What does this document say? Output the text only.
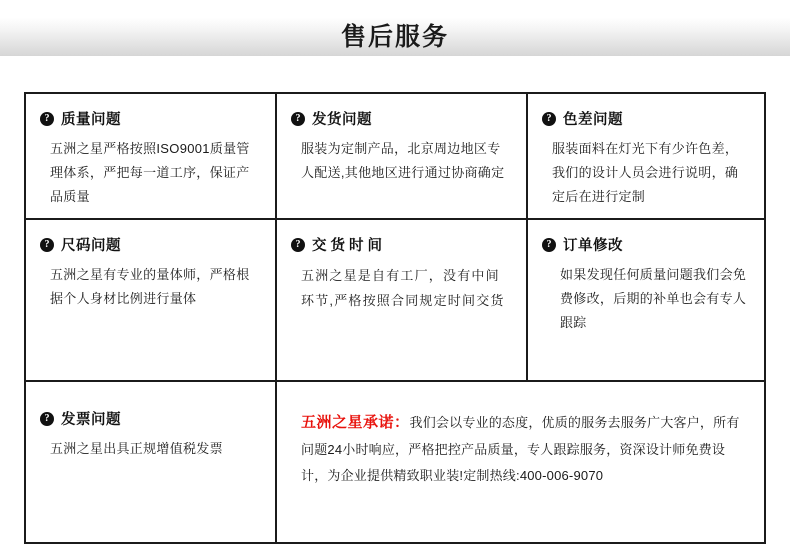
售后服务
? 质量问题
五洲之星严格按照ISO9001质量管理体系，严把每一道工序，保证产品质量
? 发货问题
服装为定制产品，北京周边地区专人配送,其他地区进行通过协商确定
? 色差问题
服装面料在灯光下有少许色差，我们的设计人员会进行说明，确定后在进行定制
? 尺码问题
五洲之星有专业的量体师，严格根据个人身材比例进行量体
? 交货时间
五洲之星是自有工厂，没有中间环节,严格按照合同规定时间交货
? 订单修改
如果发现任何质量问题我们会免费修改，后期的补单也会有专人跟踪
? 发票问题
五洲之星出具正规增值税发票
五洲之星承诺：我们会以专业的态度，优质的服务去服务广大客户，所有问题24小时响应，严格把控产品质量，专人跟踪服务，资深设计师免费设计，为企业提供精致职业装!定制热线:400-006-9070
